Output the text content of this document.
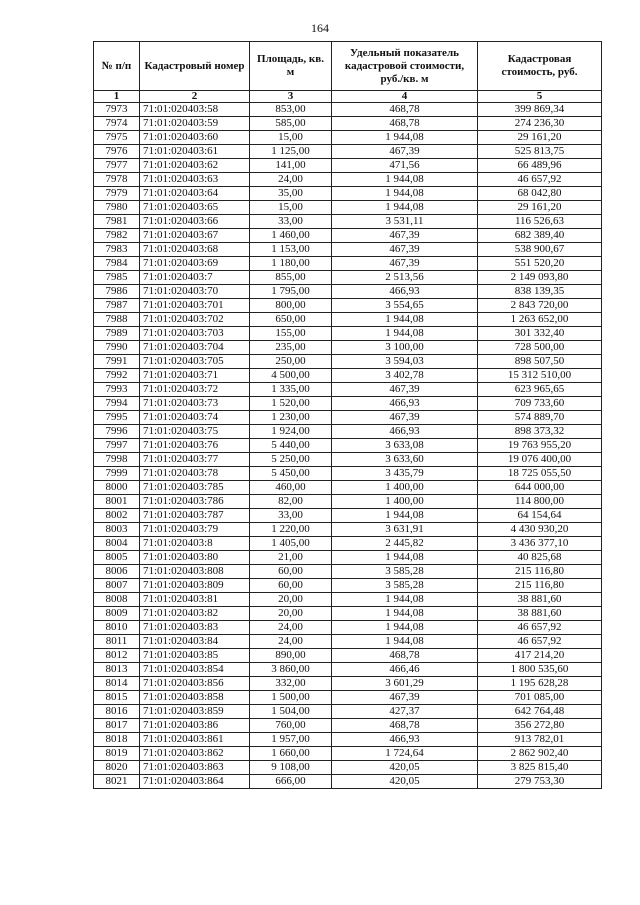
164
№ п/п	Кадастровый номер	Площадь, кв. м	Удельный показатель кадастровой стоимости, руб./кв. м	Кадастровая стоимость, руб.
1	2	3	4	5
7973	71:01:020403:58	853,00	468,78	399 869,34
7974	71:01:020403:59	585,00	468,78	274 236,30
7975	71:01:020403:60	15,00	1 944,08	29 161,20
7976	71:01:020403:61	1 125,00	467,39	525 813,75
7977	71:01:020403:62	141,00	471,56	66 489,96
7978	71:01:020403:63	24,00	1 944,08	46 657,92
7979	71:01:020403:64	35,00	1 944,08	68 042,80
7980	71:01:020403:65	15,00	1 944,08	29 161,20
7981	71:01:020403:66	33,00	3 531,11	116 526,63
7982	71:01:020403:67	1 460,00	467,39	682 389,40
7983	71:01:020403:68	1 153,00	467,39	538 900,67
7984	71:01:020403:69	1 180,00	467,39	551 520,20
7985	71:01:020403:7	855,00	2 513,56	2 149 093,80
7986	71:01:020403:70	1 795,00	466,93	838 139,35
7987	71:01:020403:701	800,00	3 554,65	2 843 720,00
7988	71:01:020403:702	650,00	1 944,08	1 263 652,00
7989	71:01:020403:703	155,00	1 944,08	301 332,40
7990	71:01:020403:704	235,00	3 100,00	728 500,00
7991	71:01:020403:705	250,00	3 594,03	898 507,50
7992	71:01:020403:71	4 500,00	3 402,78	15 312 510,00
7993	71:01:020403:72	1 335,00	467,39	623 965,65
7994	71:01:020403:73	1 520,00	466,93	709 733,60
7995	71:01:020403:74	1 230,00	467,39	574 889,70
7996	71:01:020403:75	1 924,00	466,93	898 373,32
7997	71:01:020403:76	5 440,00	3 633,08	19 763 955,20
7998	71:01:020403:77	5 250,00	3 633,60	19 076 400,00
7999	71:01:020403:78	5 450,00	3 435,79	18 725 055,50
8000	71:01:020403:785	460,00	1 400,00	644 000,00
8001	71:01:020403:786	82,00	1 400,00	114 800,00
8002	71:01:020403:787	33,00	1 944,08	64 154,64
8003	71:01:020403:79	1 220,00	3 631,91	4 430 930,20
8004	71:01:020403:8	1 405,00	2 445,82	3 436 377,10
8005	71:01:020403:80	21,00	1 944,08	40 825,68
8006	71:01:020403:808	60,00	3 585,28	215 116,80
8007	71:01:020403:809	60,00	3 585,28	215 116,80
8008	71:01:020403:81	20,00	1 944,08	38 881,60
8009	71:01:020403:82	20,00	1 944,08	38 881,60
8010	71:01:020403:83	24,00	1 944,08	46 657,92
8011	71:01:020403:84	24,00	1 944,08	46 657,92
8012	71:01:020403:85	890,00	468,78	417 214,20
8013	71:01:020403:854	3 860,00	466,46	1 800 535,60
8014	71:01:020403:856	332,00	3 601,29	1 195 628,28
8015	71:01:020403:858	1 500,00	467,39	701 085,00
8016	71:01:020403:859	1 504,00	427,37	642 764,48
8017	71:01:020403:86	760,00	468,78	356 272,80
8018	71:01:020403:861	1 957,00	466,93	913 782,01
8019	71:01:020403:862	1 660,00	1 724,64	2 862 902,40
8020	71:01:020403:863	9 108,00	420,05	3 825 815,40
8021	71:01:020403:864	666,00	420,05	279 753,30
